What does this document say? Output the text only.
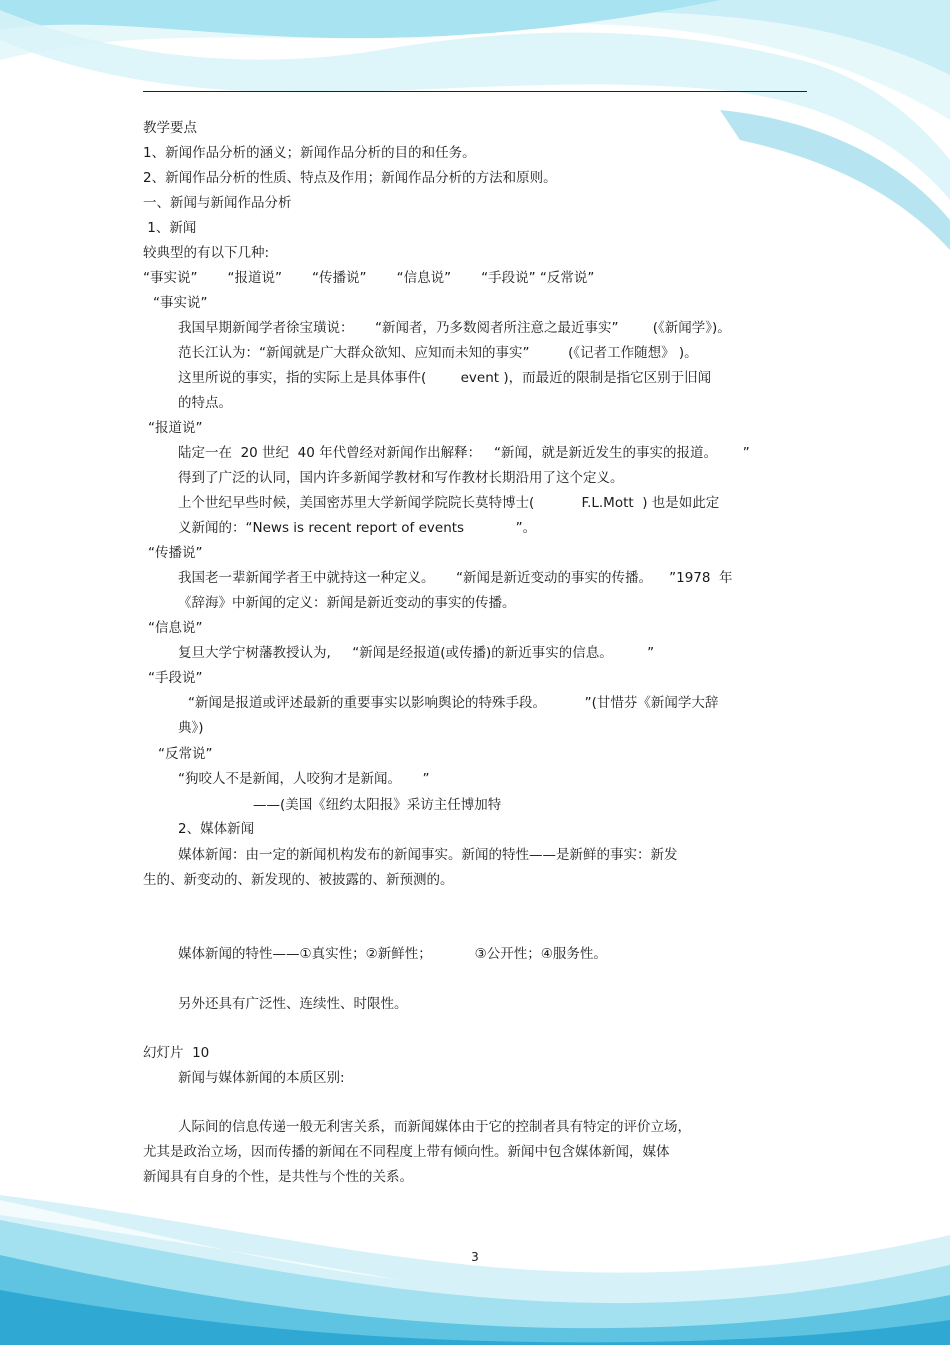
教学要点
1、新闻作品分析的涵义；新闻作品分析的目的和任务。
2、新闻作品分析的性质、特点及作用；新闻作品分析的方法和原则。
一、新闻与新闻作品分析
1、新闻
较典型的有以下几种:
“事实说”       “报道说”       “传播说”       “信息说”       “手段说” “反常说”
“事实说”
我国早期新闻学者徐宝璜说：     “新闻者，乃多数阅者所注意之最近事实”        (《新闻学》)。
范长江认为：“新闻就是广大群众欲知、应知而未知的事实”         (《记者工作随想》 )。
这里所说的事实，指的实际上是具体事件(        event )，而最近的限制是指它区别于旧闻
的特点。
“报道说”
陆定一在  20 世纪  40 年代曾经对新闻作出解释：   “新闻，就是新近发生的事实的报道。      ”
得到了广泛的认同，国内许多新闻学教材和写作教材长期沿用了这个定义。
上个世纪早些时候，美国密苏里大学新闻学院院长莫特博士(           F.L.Mott  ) 也是如此定
义新闻的：“News is recent report of events            ”。
“传播说”
我国老一辈新闻学者王中就持这一种定义。     “新闻是新近变动的事实的传播。    ”1978  年
《辞海》中新闻的定义：新闻是新近变动的事实的传播。
“信息说”
复旦大学宁树藩教授认为,     “新闻是经报道(或传播)的新近事实的信息。        ”
“手段说”
“新闻是报道或评述最新的重要事实以影响舆论的特殊手段。         ”(甘惜芬《新闻学大辞
典》)
“反常说”
“狗咬人不是新闻，人咬狗才是新闻。     ”
——(美国《纽约太阳报》采访主任博加特
2、媒体新闻
媒体新闻：由一定的新闻机构发布的新闻事实。新闻的特性——是新鲜的事实：新发
生的、新变动的、新发现的、被披露的、新预测的。
媒体新闻的特性——①真实性；②新鲜性；          ③公开性；④服务性。
另外还具有广泛性、连续性、时限性。
幻灯片  10
新闻与媒体新闻的本质区别:
人际间的信息传递一般无利害关系，而新闻媒体由于它的控制者具有特定的评价立场，
尤其是政治立场，因而传播的新闻在不同程度上带有倾向性。新闻中包含媒体新闻，媒体
新闻具有自身的个性，是共性与个性的关系。
3
